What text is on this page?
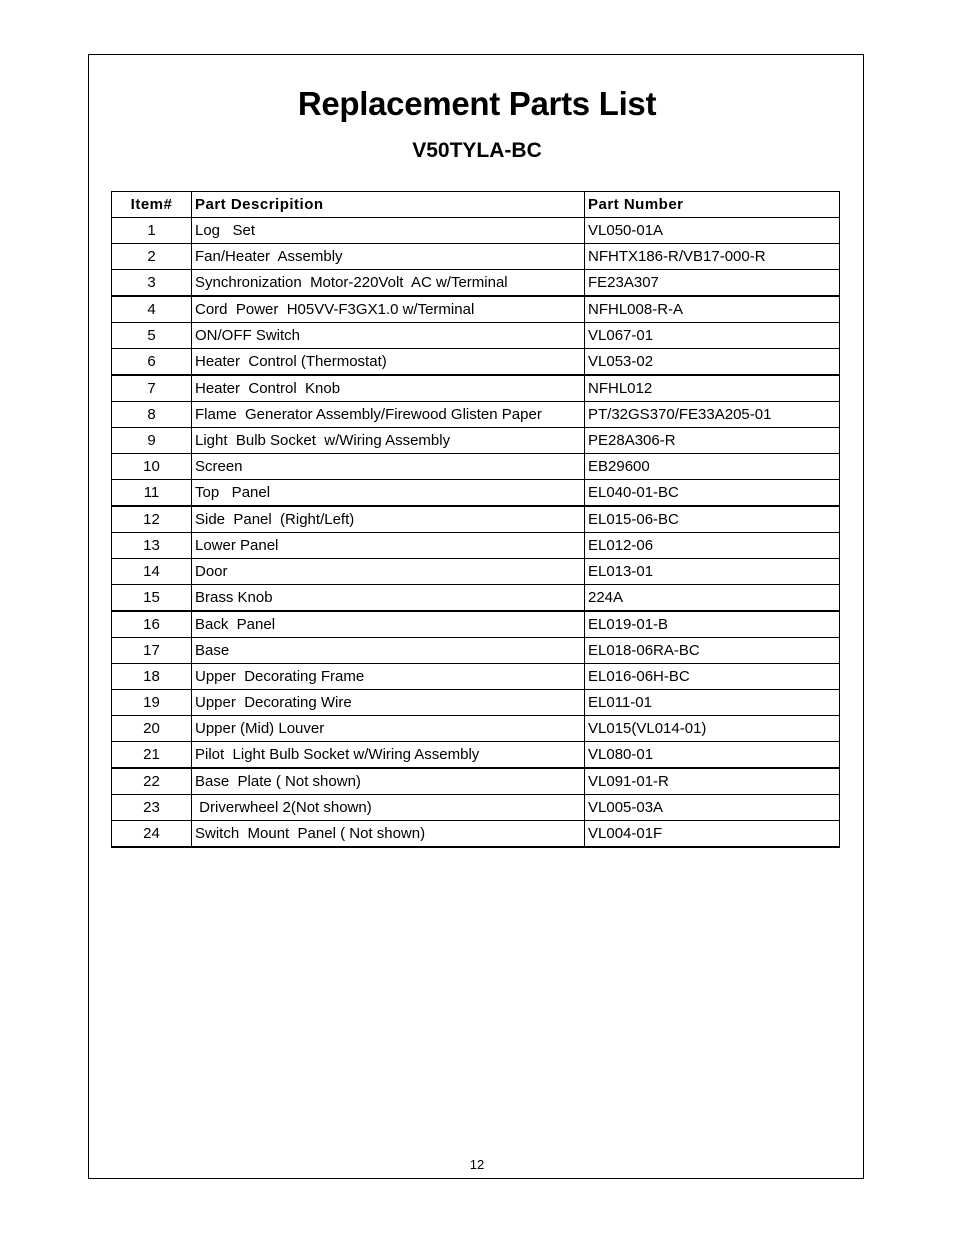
Replacement Parts List
V50TYLA-BC
Item#	Part Descripition	Part Number
1	Log   Set	VL050-01A
2	Fan/Heater  Assembly	NFHTX186-R/VB17-000-R
3	Synchronization  Motor-220Volt  AC w/Terminal	FE23A307
4	Cord  Power  H05VV-F3GX1.0 w/Terminal	NFHL008-R-A
5	ON/OFF Switch	VL067-01
6	Heater  Control (Thermostat)	VL053-02
7	Heater  Control  Knob	NFHL012
8	Flame  Generator Assembly/Firewood Glisten Paper	PT/32GS370/FE33A205-01
9	Light  Bulb Socket  w/Wiring Assembly	PE28A306-R
10	Screen	EB29600
11	Top   Panel	EL040-01-BC
12	Side  Panel  (Right/Left)	EL015-06-BC
13	Lower Panel	EL012-06
14	Door	EL013-01
15	Brass Knob	224A
16	Back  Panel	EL019-01-B
17	Base	EL018-06RA-BC
18	Upper  Decorating Frame	EL016-06H-BC
19	Upper  Decorating Wire	EL011-01
20	Upper (Mid) Louver	VL015(VL014-01)
21	Pilot  Light Bulb Socket w/Wiring Assembly	VL080-01
22	Base  Plate ( Not shown)	VL091-01-R
23	Driverwheel 2(Not shown)	VL005-03A
24	Switch  Mount  Panel ( Not shown)	VL004-01F
12
